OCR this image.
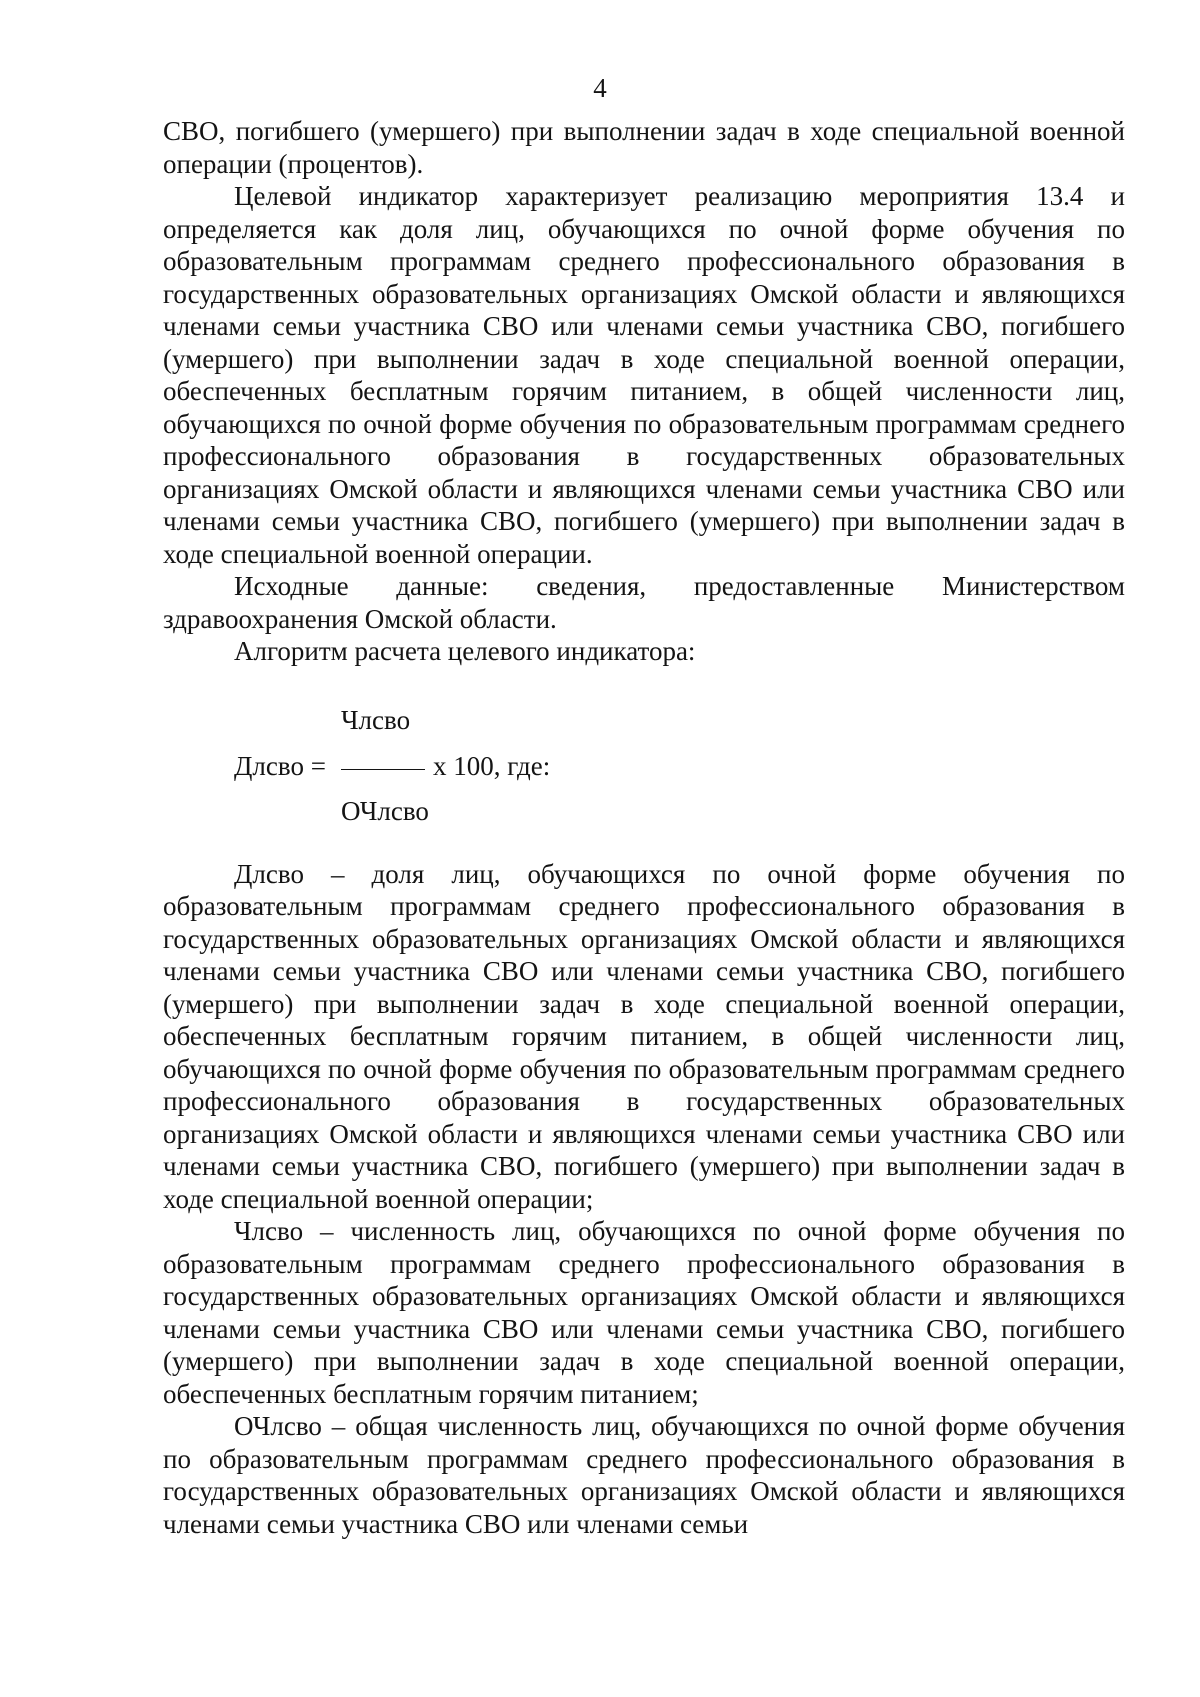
4

СВО, погибшего (умершего) при выполнении задач в ходе специальной военной операции (процентов).

Целевой индикатор характеризует реализацию мероприятия 13.4 и определяется как доля лиц, обучающихся по очной форме обучения по образовательным программам среднего профессионального образования в государственных образовательных организациях Омской области и являющихся членами семьи участника СВО или членами семьи участника СВО, погибшего (умершего) при выполнении задач в ходе специальной военной операции, обеспеченных бесплатным горячим питанием, в общей численности лиц, обучающихся по очной форме обучения по образовательным программам среднего профессионального образования в государственных образовательных организациях Омской области и являющихся членами семьи участника СВО или членами семьи участника СВО, погибшего (умершего) при выполнении задач в ходе специальной военной операции.

Исходные данные: сведения, предоставленные Министерством здравоохранения Омской области.

Алгоритм расчета целевого индикатора:

Члсво
Длсво =	х 100, где:
ОЧлсво

Длсво – доля лиц, обучающихся по очной форме обучения по образовательным программам среднего профессионального образования в государственных образовательных организациях Омской области и являющихся членами семьи участника СВО или членами семьи участника СВО, погибшего (умершего) при выполнении задач в ходе специальной военной операции, обеспеченных бесплатным горячим питанием, в общей численности лиц, обучающихся по очной форме обучения по образовательным программам среднего профессионального образования в государственных образовательных организациях Омской области и являющихся членами семьи участника СВО или членами семьи участника СВО, погибшего (умершего) при выполнении задач в ходе специальной военной операции;

Члсво – численность лиц, обучающихся по очной форме обучения по образовательным программам среднего профессионального образования в государственных образовательных организациях Омской области и являющихся членами семьи участника СВО или членами семьи участника СВО, погибшего (умершего) при выполнении задач в ходе специальной военной операции, обеспеченных бесплатным горячим питанием;

ОЧлсво – общая численность лиц, обучающихся по очной форме обучения по образовательным программам среднего профессионального образования в государственных образовательных организациях Омской области и являющихся членами семьи участника СВО или членами семьи
